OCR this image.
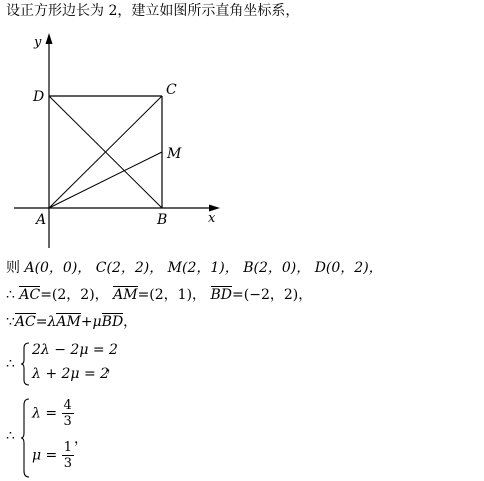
设正方形边长为 2，建立如图所示直角坐标系，
y
x
D	C
M
A	B
则 A(0，0)， C(2，2)， M(2，1)， B(2，0)， D(0，2)，
∴ AC=(2，2)， AM=(2，1)， BD=(−2，2)，
∵AC=λAM+μBD，
∴
2λ − 2μ = 2
λ + 2μ = 2
，
∴
$\lambda = \frac{4}{3}$
$\mu = \frac{1}{3}$
，
